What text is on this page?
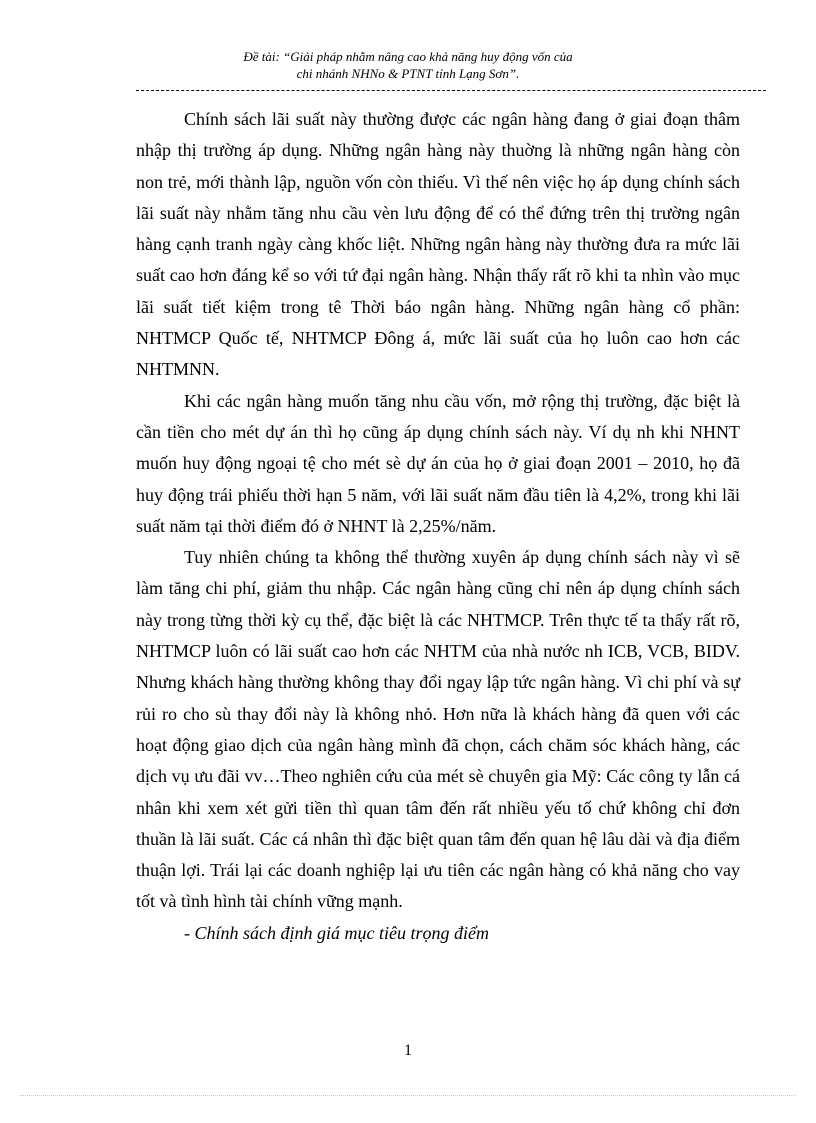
Đề tài: “Giải pháp nhằm nâng cao khả năng huy động vốn của
chi nhánh NHNo & PTNT tỉnh Lạng Sơn”.

Chính sách lãi suất này thường được các ngân hàng đang ở giai đoạn thâm nhập thị trường áp dụng. Những ngân hàng này thuờng là những ngân hàng còn non trẻ, mới thành lập, nguồn vốn còn thiếu. Vì thế nên việc họ áp dụng chính sách lãi suất này nhằm tăng nhu cầu vèn lưu động để có thể đứng trên thị trường ngân hàng cạnh tranh ngày càng khốc liệt. Những ngân hàng này thường đưa ra mức lãi suất cao hơn đáng kể so với tứ đại ngân hàng. Nhận thấy rất rõ khi ta nhìn vào mục lãi suất tiết kiệm trong tê Thời báo ngân hàng. Những ngân hàng cổ phần: NHTMCP Quốc tế, NHTMCP Đông á, mức lãi suất của họ luôn cao hơn các NHTMNN.

Khi các ngân hàng muốn tăng nhu cầu vốn, mở rộng thị trường, đặc biệt là cần tiền cho mét dự án thì họ cũng áp dụng chính sách này. Ví dụ nh khi NHNT muốn huy động ngoại tệ cho mét sè dự án của họ ở giai đoạn 2001 – 2010, họ đã huy động trái phiếu thời hạn 5 năm, với lãi suất năm đầu tiên là 4,2%, trong khi lãi suất năm tại thời điểm đó ở NHNT là 2,25%/năm.

Tuy nhiên chúng ta không thể thường xuyên áp dụng chính sách này vì sẽ làm tăng chi phí, giảm thu nhập. Các ngân hàng cũng chỉ nên áp dụng chính sách này trong từng thời kỳ cụ thể, đặc biệt là các NHTMCP. Trên thực tế ta thấy rất rõ, NHTMCP luôn có lãi suất cao hơn các NHTM của nhà nước nh ICB, VCB, BIDV. Nhưng khách hàng thường không thay đổi ngay lập tức ngân hàng. Vì chi phí và sự rủi ro cho sù thay đổi này là không nhỏ. Hơn nữa là khách hàng đã quen với các hoạt động giao dịch của ngân hàng mình đã chọn, cách chăm sóc khách hàng, các dịch vụ ưu đãi vv…Theo nghiên cứu của mét sè chuyên gia Mỹ: Các công ty lẫn cá nhân khi xem xét gửi tiền thì quan tâm đến rất nhiều yếu tố chứ không chỉ đơn thuần là lãi suất. Các cá nhân thì đặc biệt quan tâm đến quan hệ lâu dài và địa điểm thuận lợi. Trái lại các doanh nghiệp lại ưu tiên các ngân hàng có khả năng cho vay tốt và tình hình tài chính vững mạnh.

- Chính sách định giá mục tiêu trọng điểm

1
